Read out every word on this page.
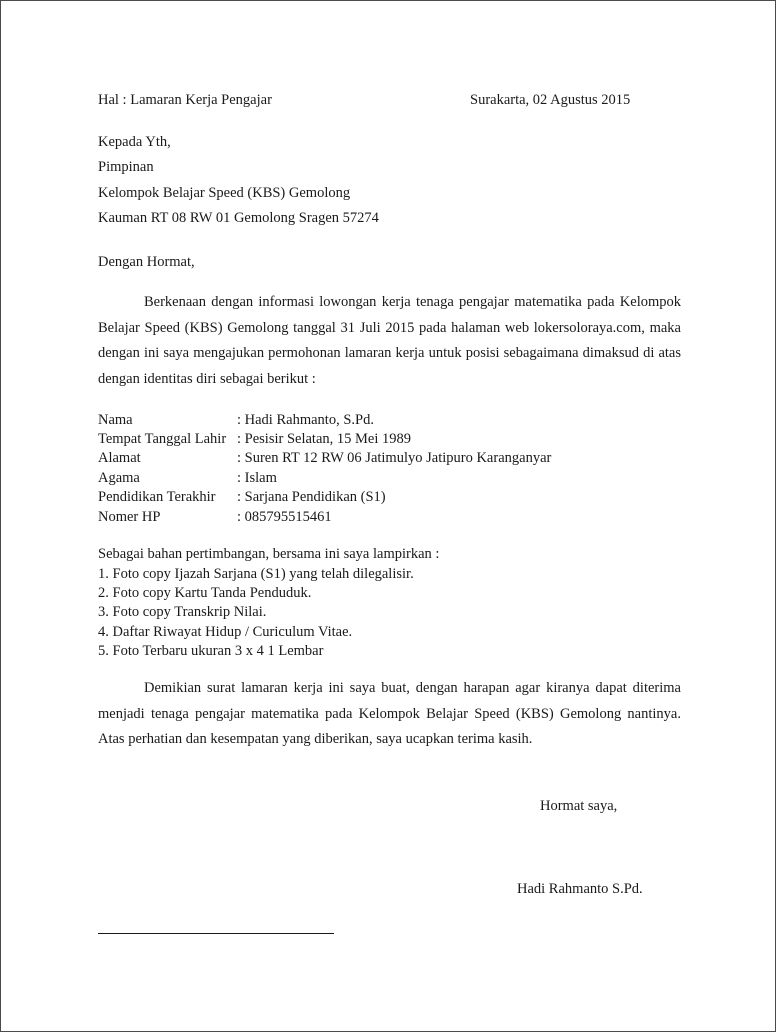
Hal : Lamaran Kerja Pengajar	Surakarta, 02 Agustus 2015
Kepada Yth,
Pimpinan
Kelompok Belajar Speed (KBS) Gemolong
Kauman RT 08 RW 01 Gemolong Sragen 57274
Dengan Hormat,
Berkenaan dengan informasi lowongan kerja tenaga pengajar matematika pada Kelompok Belajar Speed (KBS) Gemolong tanggal 31 Juli 2015 pada halaman web lokersoloraya.com, maka dengan ini saya mengajukan permohonan lamaran kerja untuk posisi sebagaimana dimaksud di atas dengan identitas diri sebagai berikut :
Nama	: Hadi Rahmanto, S.Pd.
Tempat Tanggal Lahir : Pesisir Selatan, 15 Mei 1989
Alamat	: Suren RT 12 RW 06 Jatimulyo Jatipuro Karanganyar
Agama	: Islam
Pendidikan Terakhir : Sarjana Pendidikan (S1)
Nomer HP	: 085795515461
Sebagai bahan pertimbangan, bersama ini saya lampirkan :
1. Foto copy Ijazah Sarjana (S1) yang telah dilegalisir.
2. Foto copy Kartu Tanda Penduduk.
3. Foto copy Transkrip Nilai.
4. Daftar Riwayat Hidup / Curiculum Vitae.
5. Foto Terbaru ukuran 3 x 4 1 Lembar
Demikian surat lamaran kerja ini saya buat, dengan harapan agar kiranya dapat diterima menjadi tenaga pengajar matematika pada Kelompok Belajar Speed (KBS) Gemolong nantinya. Atas perhatian dan kesempatan yang diberikan, saya ucapkan terima kasih.
Hormat saya,
Hadi Rahmanto S.Pd.
